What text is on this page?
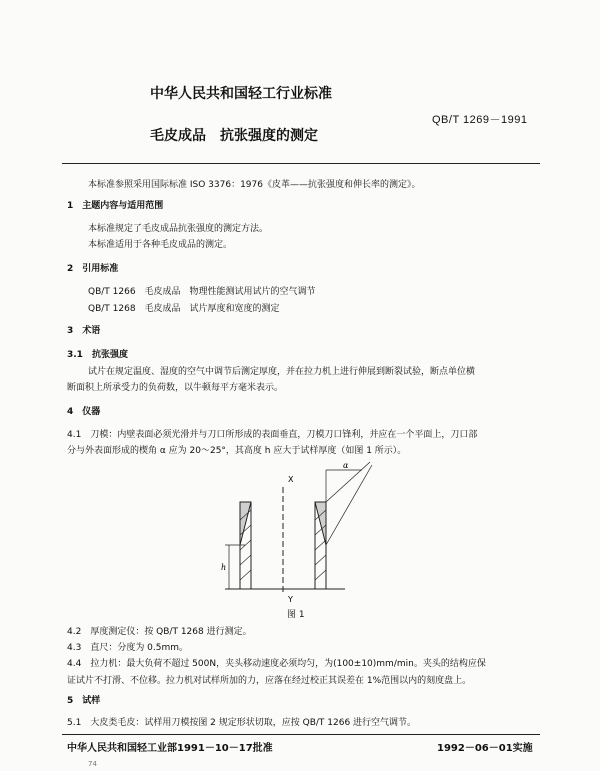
中华人民共和国轻工行业标准
QB/T 1269－1991
毛皮成品　抗张强度的测定
本标准参照采用国际标准 ISO 3376：1976《皮革——抗张强度和伸长率的测定》。
1　主题内容与适用范围
本标准规定了毛皮成品抗张强度的测定方法。
本标准适用于各种毛皮成品的测定。
2　引用标准
QB/T 1266　毛皮成品　物理性能测试用试片的空气调节
QB/T 1268　毛皮成品　试片厚度和宽度的测定
3　术语
3.1　抗张强度
试片在规定温度、湿度的空气中调节后测定厚度，并在拉力机上进行伸展到断裂试验，断点单位横
断面积上所承受力的负荷数，以牛顿每平方毫米表示。
4　仪器
4.1　刀模：内壁表面必须光滑并与刀口所形成的表面垂直，刀模刀口锋利，并应在一个平面上，刀口部
分与外表面形成的楔角 α 应为 20～25°，其高度 h 应大于试样厚度（如图 1 所示）。
X
Y
α
h
图 1
4.2　厚度测定仪：按 QB/T 1268 进行测定。
4.3　直尺：分度为 0.5mm。
4.4　拉力机：最大负荷不超过 500N，夹头移动速度必须均匀，为(100±10)mm/min。夹头的结构应保
证试片不打滑、不位移。拉力机对试样所加的力，应落在经过校正其误差在 1%范围以内的刻度盘上。
5　试样
5.1　大皮类毛皮：试样用刀模按图 2 规定形状切取，应按 QB/T 1266 进行空气调节。
中华人民共和国轻工业部1991－10－17批准	1992－06－01实施
74
